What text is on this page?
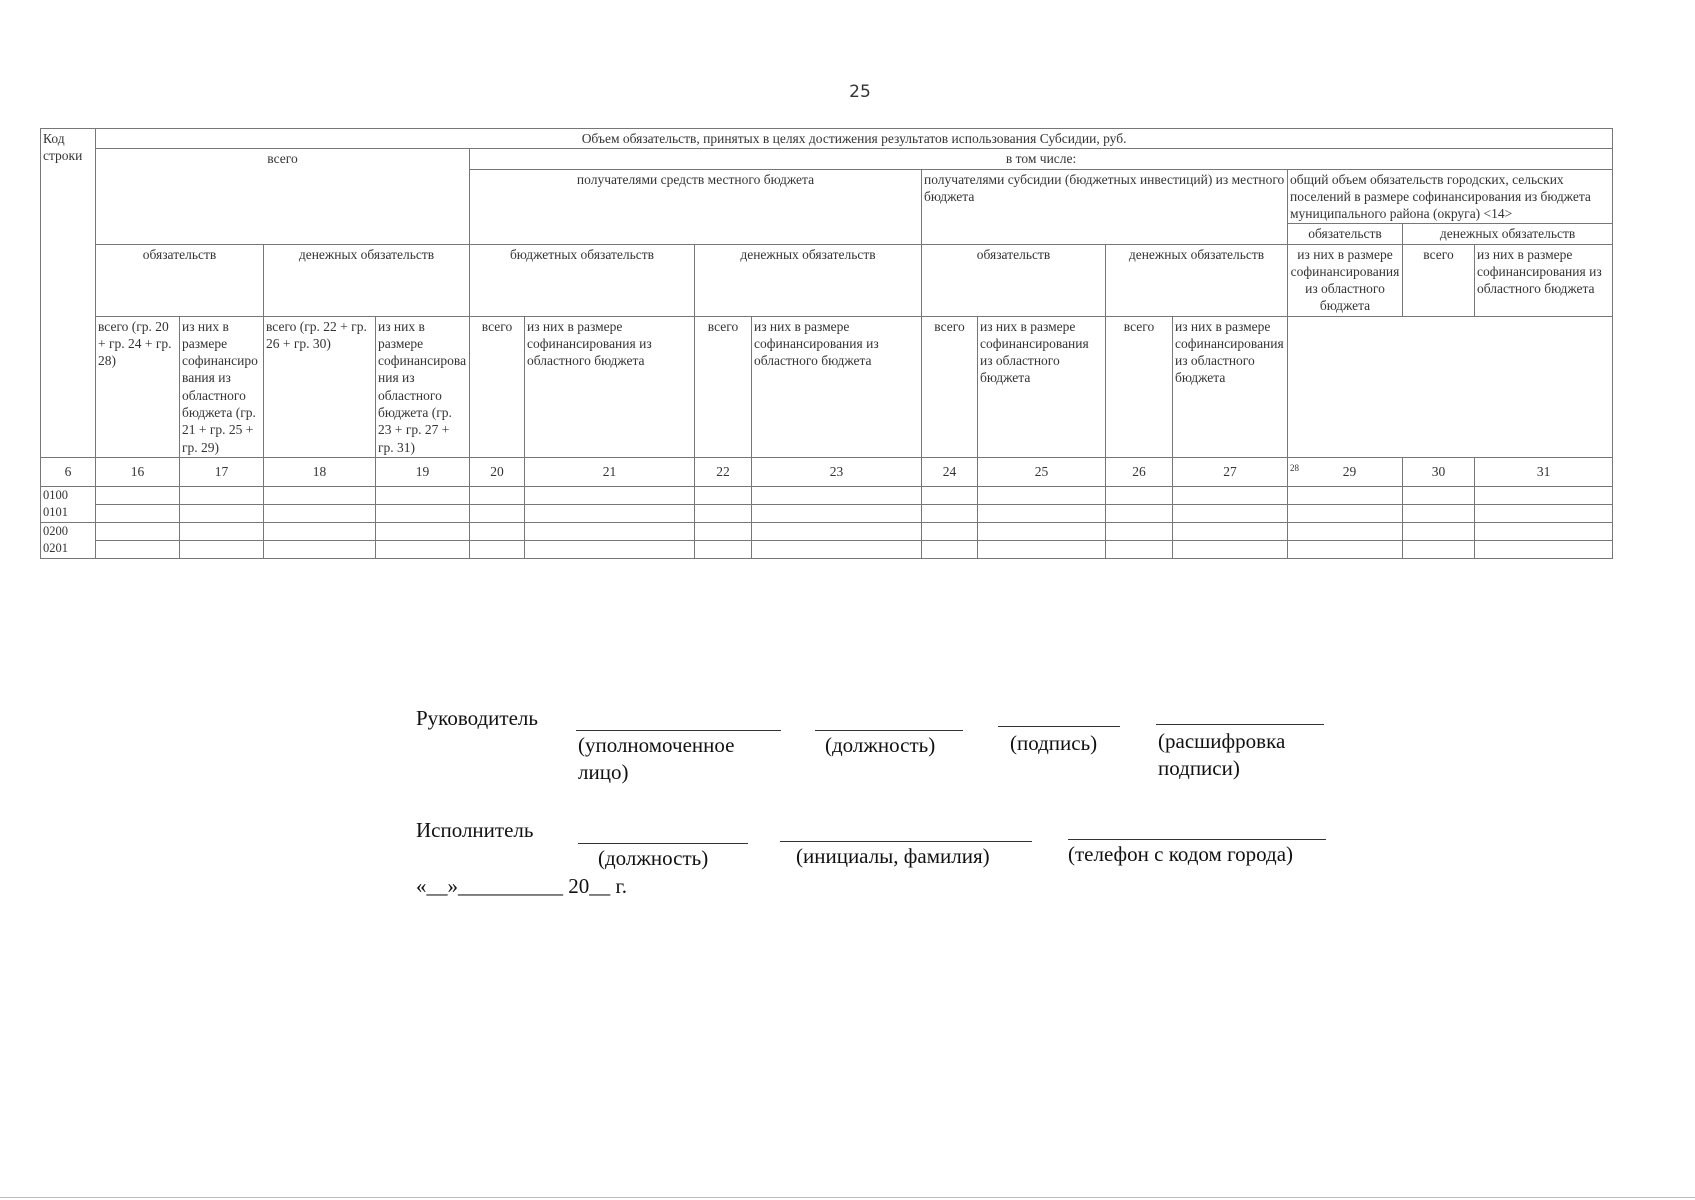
25
Код строки	Объем обязательств, принятых в целях достижения результатов использования Субсидии, руб.														
	всего				в том числе:										
					получателями средств местного бюджета				получателями субсидии (бюджетных инвестиций) из местного бюджета				общий объем обязательств городских, сельских поселений в размере софинансирования из бюджета муниципального района (округа) <14>		
													обязательств	денежных обязательств	
	обязательств		денежных обязательств		бюджетных обязательств		денежных обязательств		обязательств		денежных обязательств		из них в размере софинансирования из областного бюджета	всего	из них в размере софинансирования из областного бюджета
	всего (гр. 20 + гр. 24 + гр. 28)	из них в размере софинансирования из областного бюджета (гр. 21 + гр. 25 + гр. 29)	всего (гр. 22 + гр. 26 + гр. 30)	из них в размере софинансирования из областного бюджета (гр. 23 + гр. 27 + гр. 31)	всего	из них в размере софинансирования из областного бюджета	всего	из них в размере софинансирования из областного бюджета	всего	из них в размере софинансирования из областного бюджета	всего	из них в размере софинансирования из областного бюджета			
6	16	17	18	19	20	21	22	23	24	25	26	27	28 29	30	31
0100															
0101															
0200															
0201															
Руководитель
(уполномоченное лицо)
(должность)	(подпись)	(расшифровка подписи)
Исполнитель
(должность)	(инициалы, фамилия)	(телефон с кодом города)
«__»__________ 20__ г.
